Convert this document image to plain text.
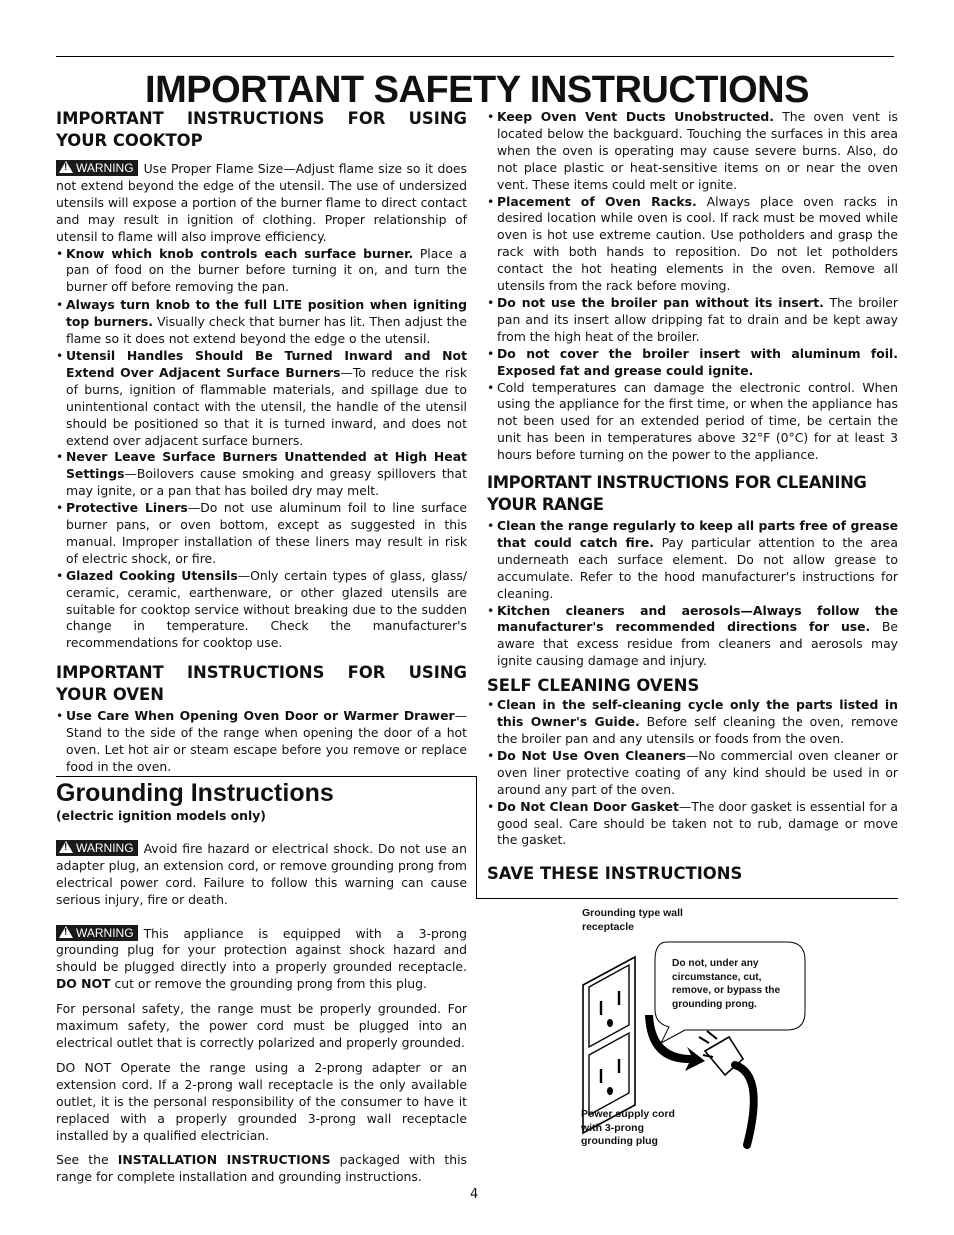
IMPORTANT SAFETY INSTRUCTIONS
IMPORTANT INSTRUCTIONS FOR USING YOUR COOKTOP

! WARNING Use Proper Flame Size—Adjust flame size so it does not extend beyond the edge of the utensil. The use of undersized utensils will expose a portion of the burner flame to direct contact and may result in ignition of clothing. Proper relationship of utensil to flame will also improve efficiency.

• Know which knob controls each surface burner. Place a pan of food on the burner before turning it on, and turn the burner off before removing the pan.

• Always turn knob to the full LITE position when igniting top burners. Visually check that burner has lit. Then adjust the flame so it does not extend beyond the edge o the utensil.

• Utensil Handles Should Be Turned Inward and Not Extend Over Adjacent Surface Burners—To reduce the risk of burns, ignition of flammable materials, and spillage due to unintentional contact with the utensil, the handle of the utensil should be positioned so that it is turned inward, and does not extend over adjacent surface burners.

• Never Leave Surface Burners Unattended at High Heat Settings—Boilovers cause smoking and greasy spillovers that may ignite, or a pan that has boiled dry may melt.

• Protective Liners—Do not use aluminum foil to line surface burner pans, or oven bottom, except as suggested in this manual. Improper installation of these liners may result in risk of electric shock, or fire.

• Glazed Cooking Utensils—Only certain types of glass, glass/ ceramic, ceramic, earthenware, or other glazed utensils are suitable for cooktop service without breaking due to the sudden change in temperature. Check the manufacturer's recommendations for cooktop use.

IMPORTANT INSTRUCTIONS FOR USING YOUR OVEN

• Use Care When Opening Oven Door or Warmer Drawer—Stand to the side of the range when opening the door of a hot oven. Let hot air or steam escape before you remove or replace food in the oven.

Grounding Instructions

(electric ignition models only)

! WARNING Avoid fire hazard or electrical shock. Do not use an adapter plug, an extension cord, or remove grounding prong from electrical power cord. Failure to follow this warning can cause serious injury, fire or death.

! WARNING This appliance is equipped with a 3-prong grounding plug for your protection against shock hazard and should be plugged directly into a properly grounded receptacle. DO NOT cut or remove the grounding prong from this plug.

For personal safety, the range must be properly grounded. For maximum safety, the power cord must be plugged into an electrical outlet that is correctly polarized and properly grounded.

DO NOT Operate the range using a 2-prong adapter or an extension cord. If a 2-prong wall receptacle is the only available outlet, it is the personal responsibility of the consumer to have it replaced with a properly grounded 3-prong wall receptacle installed by a qualified electrician.

See the INSTALLATION INSTRUCTIONS packaged with this range for complete installation and grounding instructions.

• Keep Oven Vent Ducts Unobstructed. The oven vent is located below the backguard. Touching the surfaces in this area when the oven is operating may cause severe burns. Also, do not place plastic or heat-sensitive items on or near the oven vent. These items could melt or ignite.

• Placement of Oven Racks. Always place oven racks in desired location while oven is cool. If rack must be moved while oven is hot use extreme caution. Use potholders and grasp the rack with both hands to reposition. Do not let potholders contact the hot heating elements in the oven. Remove all utensils from the rack before moving.

• Do not use the broiler pan without its insert. The broiler pan and its insert allow dripping fat to drain and be kept away from the high heat of the broiler.

• Do not cover the broiler insert with aluminum foil. Exposed fat and grease could ignite.

• Cold temperatures can damage the electronic control. When using the appliance for the first time, or when the appliance has not been used for an extended period of time, be certain the unit has been in temperatures above 32°F (0°C) for at least 3 hours before turning on the power to the appliance.

IMPORTANT INSTRUCTIONS FOR CLEANING YOUR RANGE

• Clean the range regularly to keep all parts free of grease that could catch fire. Pay particular attention to the area underneath each surface element. Do not allow grease to accumulate. Refer to the hood manufacturer's instructions for cleaning.

• Kitchen cleaners and aerosols—Always follow the manufacturer's recommended directions for use. Be aware that excess residue from cleaners and aerosols may ignite causing damage and injury.

SELF CLEANING OVENS

• Clean in the self-cleaning cycle only the parts listed in this Owner's Guide. Before self cleaning the oven, remove the broiler pan and any utensils or foods from the oven.

• Do Not Use Oven Cleaners—No commercial oven cleaner or oven liner protective coating of any kind should be used in or around any part of the oven.

• Do Not Clean Door Gasket—The door gasket is essential for a good seal. Care should be taken not to rub, damage or move the gasket.

SAVE THESE INSTRUCTIONS
Grounding type wall receptacle
Do not, under any circumstance, cut, remove, or bypass the grounding prong.
Power supply cord with 3-prong grounding plug
4
